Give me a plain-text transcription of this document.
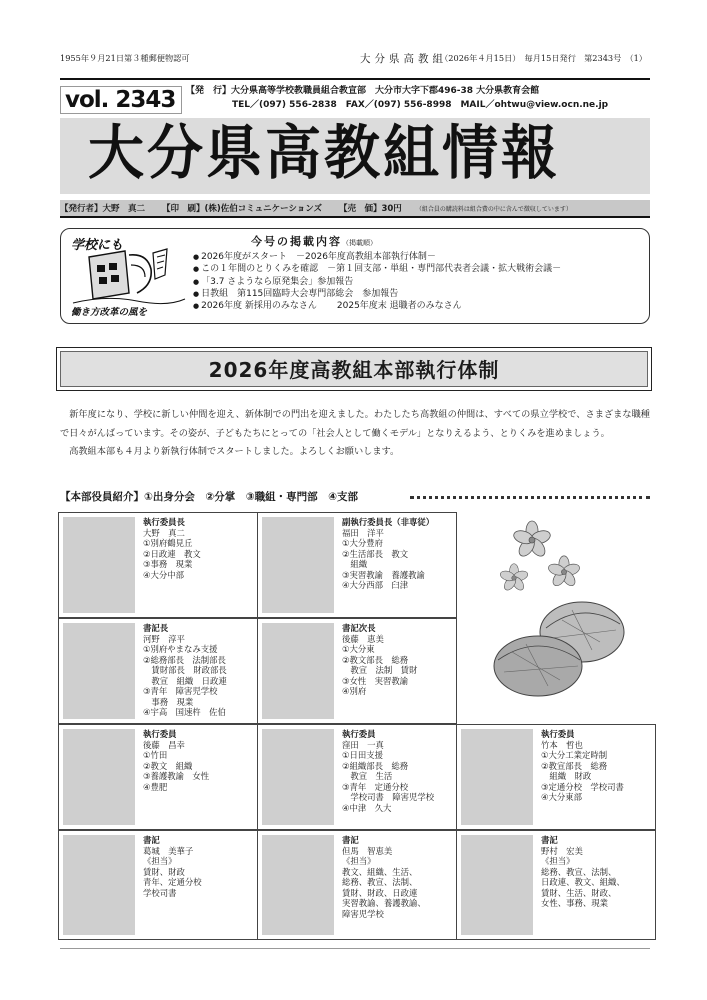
1955年９月21日第３種郵便物認可	大分県高教組
（2026年４月15日）　毎月15日発行　第2343号　（1）
vol. 2343	【発　行】大分県高等学校教職員組合教宣部　大分市大字下郡496-38 大分県教育会館
TEL／(097) 556-2838　FAX／(097) 556-8998　MAIL／ohtwu@view.ocn.ne.jp
大分県高教組情報
【発行者】大野　真二 【印　刷】(株)佐伯コミュニケーションズ 【売　価】30円 （組合員の購読料は組合費の中に含んで徴収しています）
学校にも
働き方改革の風を
今号の掲載内容（掲載順）
● 2026年度がスタート　－2026年度高教組本部執行体制－
● この１年間のとりくみを確認　－第１回支部・単組・専門部代表者会議・拡大戦術会議－
● 「3.7 さようなら原発集会」参加報告
● 日教組　第115回臨時大会専門部総会　参加報告
● 2026年度 新採用のみなさん 2025年度末 退職者のみなさん
2026年度高教組本部執行体制

新年度になり、学校に新しい仲間を迎え、新体制での門出を迎えました。わたしたち高教組の仲間は、すべての県立学校で、さまざまな職種で日々がんばっています。その姿が、子どもたちにとっての「社会人として働くモデル」となりえるよう、とりくみを進めましょう。

高教組本部も４月より新執行体制でスタートしました。よろしくお願いします。

【本部役員紹介】①出身分会　②分掌　③職組・専門部　④支部
執行委員長
大野　真二
①別府鶴見丘
②日政連　教文
③事務　現業
④大分中部
副執行委員長（非専従）
福田　洋平
①大分豊府
②生活部長　教文
　組織
③実習教諭　養護教諭
④大分西部　臼津
書記長
河野　淳平
①別府やまなみ支援
②総務部長　法制部長
　賃財部長　財政部長
　教宣　組織　日政連
③青年　障害児学校
　事務　現業
④宇高　国速杵　佐伯
書記次長
後藤　恵美
①大分東
②教文部長　総務
　教宣　法制　賃財
③女性　実習教諭
④別府
執行委員
後藤　昌幸
①竹田
②教文　組織
③養護教諭　女性
④豊肥
執行委員
窪田　一真
①日田支援
②組織部長　総務
　教宣　生活
③青年　定通分校
　学校司書　障害児学校
④中津　久大
執行委員
竹本　哲也
①大分工業定時制
②教宣部長　総務
　組織　財政
③定通分校　学校司書
④大分東部
書記
葛城　美華子
《担当》
賃財、財政
青年、定通分校
学校司書
書記
但馬　智恵美
《担当》
教文、組織、生活、
総務、教宣、法制、
賃財、財政、日政連
実習教諭、養護教諭、
障害児学校
書記
野村　宏美
《担当》
総務、教宣、法制、
日政連、教文、組織、
賃財、生活、財政、
女性、事務、現業
